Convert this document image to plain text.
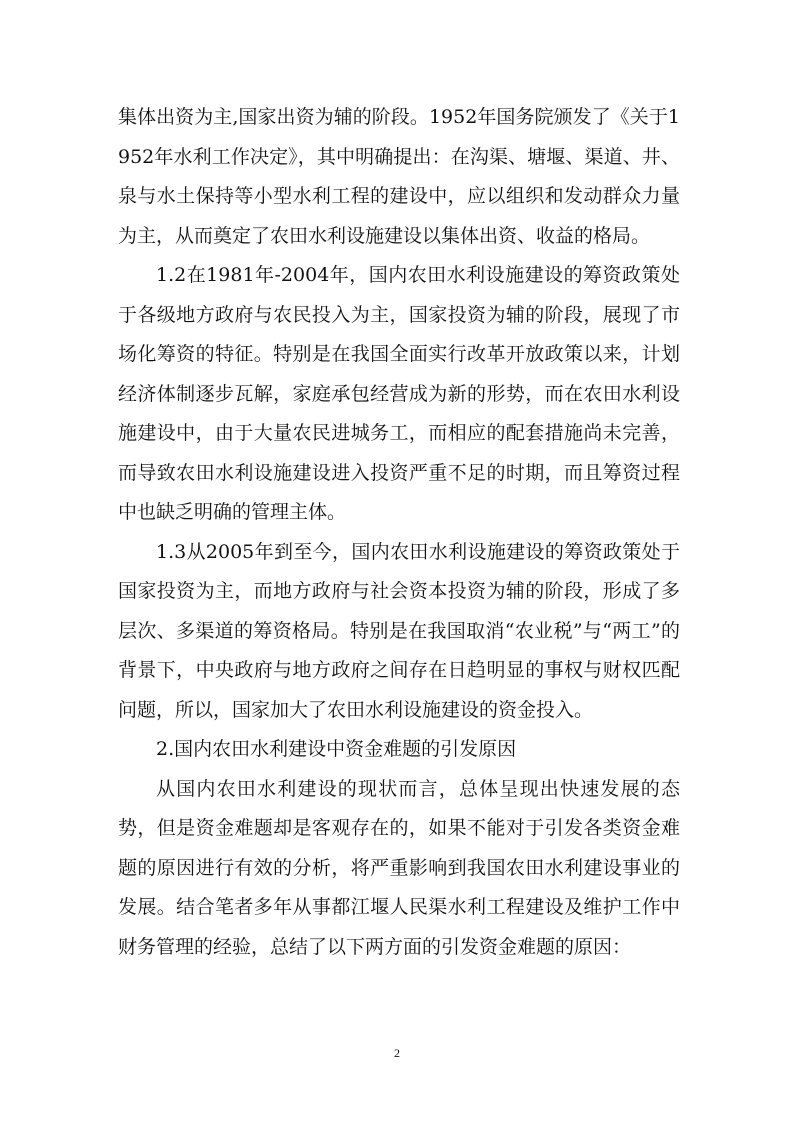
集体出资为主,国家出资为辅的阶段。1952年国务院颁发了《关于1952年水利工作决定》，其中明确提出：在沟渠、塘堰、渠道、井、泉与水土保持等小型水利工程的建设中，应以组织和发动群众力量为主，从而奠定了农田水利设施建设以集体出资、收益的格局。

1.2在1981年-2004年，国内农田水利设施建设的筹资政策处于各级地方政府与农民投入为主，国家投资为辅的阶段，展现了市场化筹资的特征。特别是在我国全面实行改革开放政策以来，计划经济体制逐步瓦解，家庭承包经营成为新的形势，而在农田水利设施建设中，由于大量农民进城务工，而相应的配套措施尚未完善，而导致农田水利设施建设进入投资严重不足的时期，而且筹资过程中也缺乏明确的管理主体。

1.3从2005年到至今，国内农田水利设施建设的筹资政策处于国家投资为主，而地方政府与社会资本投资为辅的阶段，形成了多层次、多渠道的筹资格局。特别是在我国取消“农业税”与“两工”的背景下，中央政府与地方政府之间存在日趋明显的事权与财权匹配问题，所以，国家加大了农田水利设施建设的资金投入。

2.国内农田水利建设中资金难题的引发原因

从国内农田水利建设的现状而言，总体呈现出快速发展的态势，但是资金难题却是客观存在的，如果不能对于引发各类资金难题的原因进行有效的分析，将严重影响到我国农田水利建设事业的发展。结合笔者多年从事都江堰人民渠水利工程建设及维护工作中财务管理的经验，总结了以下两方面的引发资金难题的原因：

2
